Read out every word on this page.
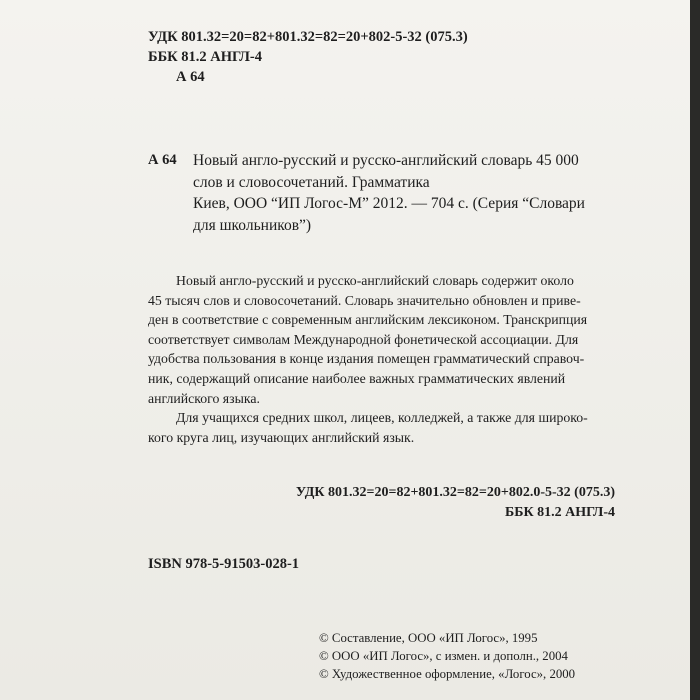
УДК 801.32=20=82+801.32=82=20+802-5-32 (075.3)
ББК 81.2 АНГЛ-4
А 64
А 64 Новый англо-русский и русско-английский словарь 45 000
слов и словосочетаний. Грамматика
Киев, ООО “ИП Логос-М” 2012. — 704 с. (Серия “Словари
для школьников”)
Новый англо-русский и русско-английский словарь содержит около
45 тысяч слов и словосочетаний. Словарь значительно обновлен и приве-
ден в соответствие с современным английским лексиконом. Транскрипция
соответствует символам Международной фонетической ассоциации. Для
удобства пользования в конце издания помещен грамматический справоч-
ник, содержащий описание наиболее важных грамматических явлений
английского языка.
Для учащихся средних школ, лицеев, колледжей, а также для широко-
кого круга лиц, изучающих английский язык.
УДК 801.32=20=82+801.32=82=20+802.0-5-32 (075.3)
ББК 81.2 АНГЛ-4
ISBN 978-5-91503-028-1
© Составление, ООО «ИП Логос», 1995
© ООО «ИП Логос», с измен. и дополн., 2004
© Художественное оформление, «Логос», 2000
